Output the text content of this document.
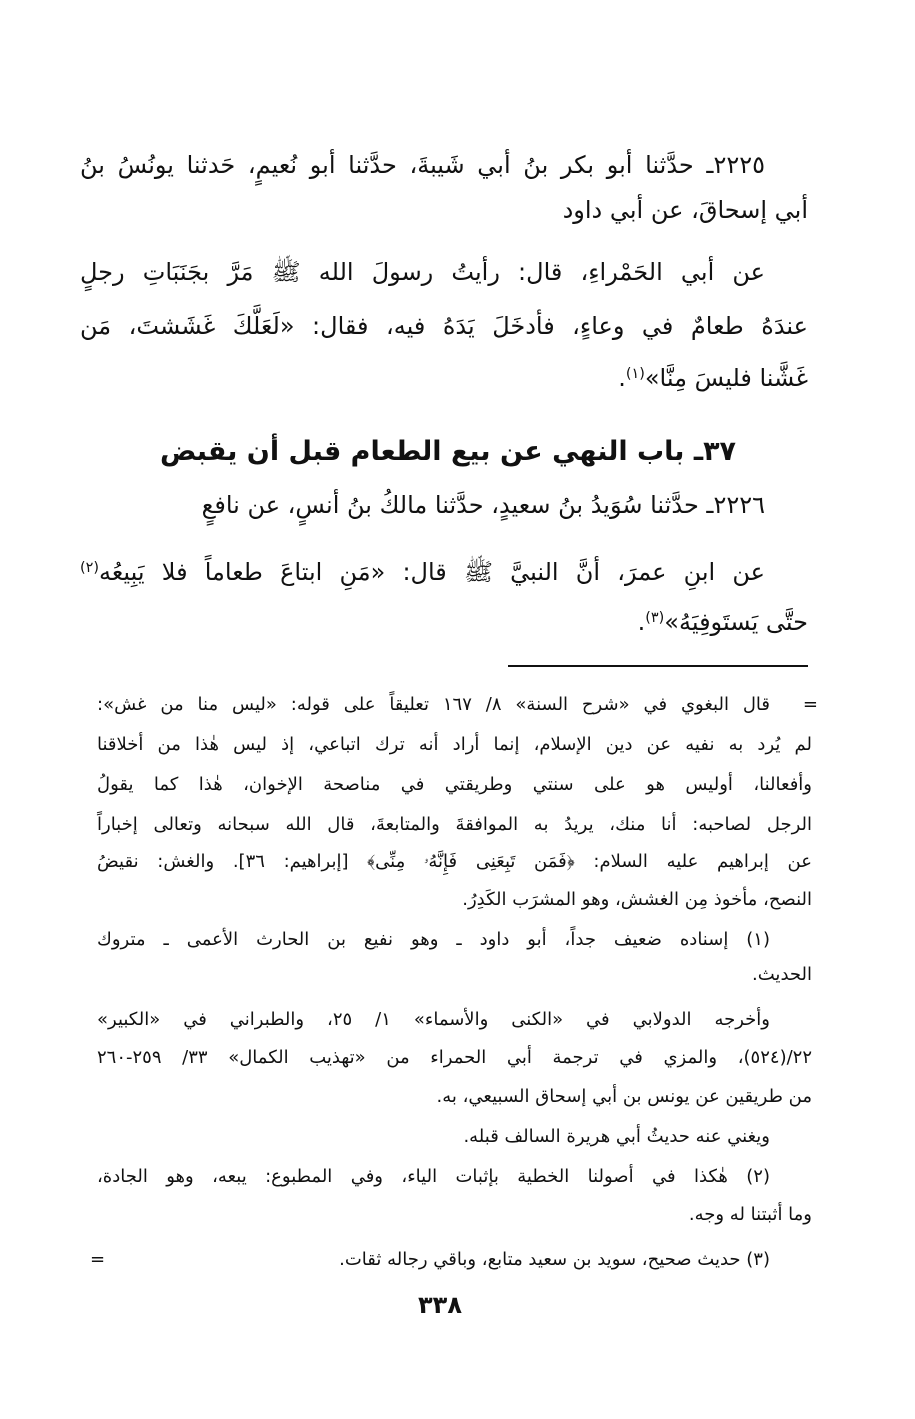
٢٢٢٥ـ حدَّثنا أبو بكر بنُ أبي شَيبةَ، حدَّثنا أبو نُعيمٍ، حَدثنا يونُسُ بنُ
أبي إسحاقَ، عن أبي داود
عن أبي الحَمْراءِ، قال: رأيتُ رسولَ الله ﷺ مَرَّ بجَنَبَاتِ رجلٍ
عندَهُ طعامٌ في وعاءٍ، فأدخَلَ يَدَهُ فيه، فقال: «لَعَلَّكَ غَشَشتَ، مَن
غَشَّنا فليسَ مِنَّا»$^{(١)}$.
٣٧ـ باب النهي عن بيع الطعام قبل أن يقبض
٢٢٢٦ـ حدَّثنا سُوَيدُ بنُ سعيدٍ، حدَّثنا مالكُ بنُ أنسٍ، عن نافعٍ
عن ابنِ عمرَ، أنَّ النبيَّ ﷺ قال: «مَنِ ابتاعَ طعاماً فلا يَبِيعُه$^{(٢)}$
حتَّى يَستَوفِيَهُ»$^{(٣)}$.
=
قال البغوي في «شرح السنة» ٨/ ١٦٧ تعليقاً على قوله: «ليس منا من غش»:
لم يُرد به نفيه عن دين الإسلام، إنما أراد أنه ترك اتباعي، إذ ليس هٰذا من أخلاقنا
وأفعالنا، أوليس هو على سنتي وطريقتي في مناصحة الإخوان، هٰذا كما يقولُ
الرجل لصاحبه: أنا منك، يريدُ به الموافقةَ والمتابعةَ، قال الله سبحانه وتعالى إخباراً
عن إبراهيم عليه السلام: ﴿فَمَن تَبِعَنِى فَإِنَّهُۥ مِنِّى﴾ [إبراهيم: ٣٦]. والغش: نقيضُ
النصح، مأخوذ مِن الغشش، وهو المشرَب الكَدِرُ.
(١) إسناده ضعيف جداً، أبو داود ـ وهو نفيع بن الحارث الأعمى ـ متروك
الحديث.
وأخرجه الدولابي في «الكنى والأسماء» ١/ ٢٥، والطبراني في «الكبير»
٢٢/(٥٢٤)، والمزي في ترجمة أبي الحمراء من «تهذيب الكمال» ٣٣/ ٢٥٩-٢٦٠
من طريقين عن يونس بن أبي إسحاق السبيعي، به.
ويغني عنه حديثُ أبي هريرة السالف قبله.
(٢) هٰكذا في أصولنا الخطية بإثبات الياء، وفي المطبوع: يبعه، وهو الجادة،
وما أثبتنا له وجه.
(٣) حديث صحيح، سويد بن سعيد متابع، وباقي رجاله ثقات.
=
٣٣٨
